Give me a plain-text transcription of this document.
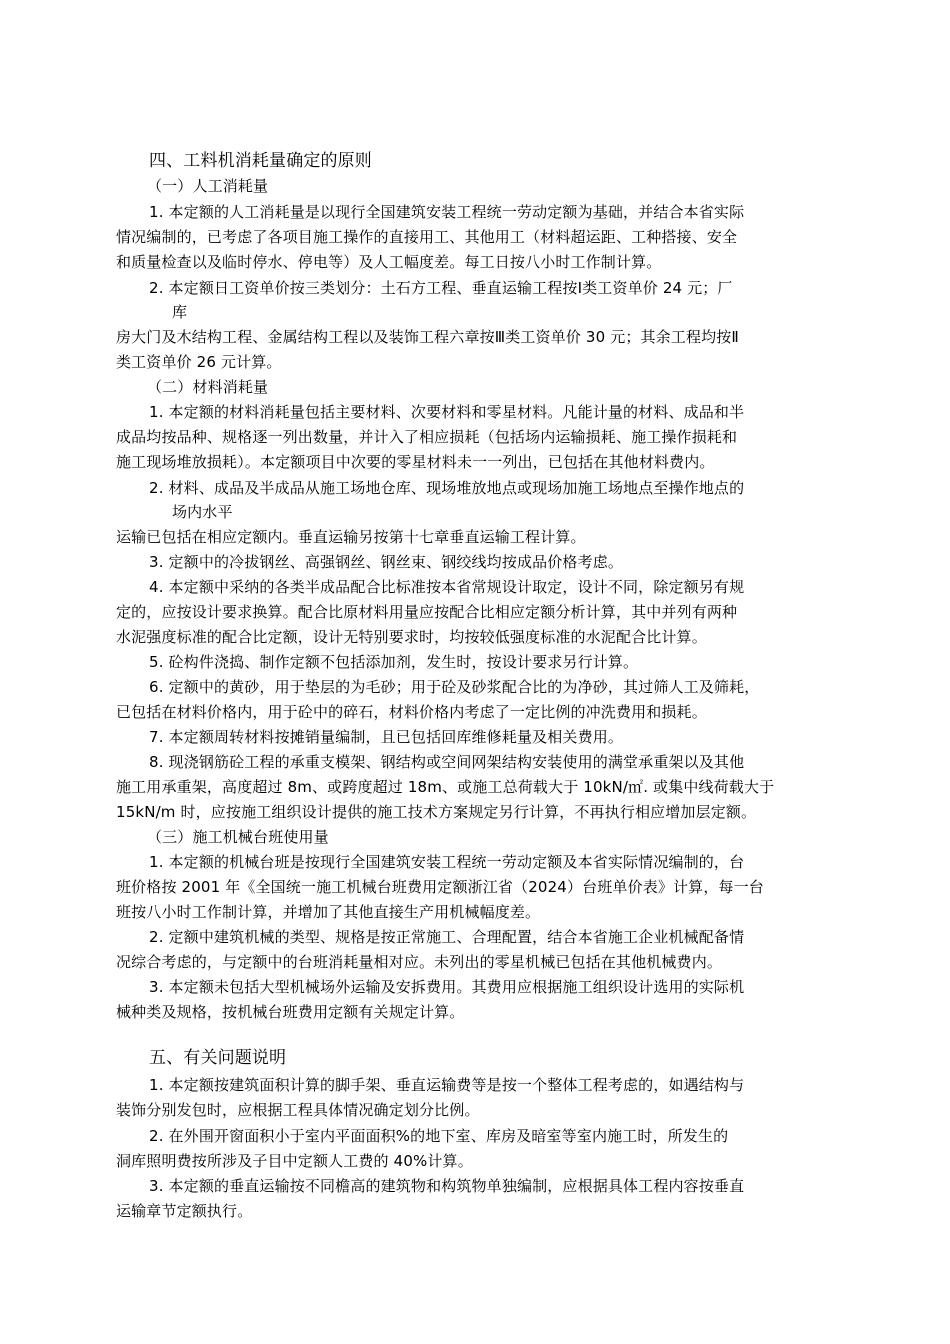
四、工料机消耗量确定的原则
（一）人工消耗量
1. 本定额的人工消耗量是以现行全国建筑安装工程统一劳动定额为基础，并结合本省实际
情况编制的，已考虑了各项目施工操作的直接用工、其他用工（材料超运距、工种搭接、安全
和质量检查以及临时停水、停电等）及人工幅度差。每工日按八小时工作制计算。
2. 本定额日工资单价按三类划分：土石方工程、垂直运输工程按Ⅰ类工资单价 24 元；厂
库
房大门及木结构工程、金属结构工程以及装饰工程六章按Ⅲ类工资单价 30 元；其余工程均按Ⅱ
类工资单价 26 元计算。
（二）材料消耗量
1. 本定额的材料消耗量包括主要材料、次要材料和零星材料。凡能计量的材料、成品和半
成品均按品种、规格逐一列出数量，并计入了相应损耗（包括场内运输损耗、施工操作损耗和
施工现场堆放损耗）。本定额项目中次要的零星材料未一一列出，已包括在其他材料费内。
2. 材料、成品及半成品从施工场地仓库、现场堆放地点或现场加施工场地点至操作地点的
场内水平
运输已包括在相应定额内。垂直运输另按第十七章垂直运输工程计算。
3. 定额中的冷拔钢丝、高强钢丝、钢丝束、钢绞线均按成品价格考虑。
4. 本定额中采纳的各类半成品配合比标准按本省常规设计取定，设计不同，除定额另有规
定的，应按设计要求换算。配合比原材料用量应按配合比相应定额分析计算，其中并列有两种
水泥强度标准的配合比定额，设计无特别要求时，均按较低强度标准的水泥配合比计算。
5. 砼构件浇捣、制作定额不包括添加剂，发生时，按设计要求另行计算。
6. 定额中的黄砂，用于垫层的为毛砂；用于砼及砂浆配合比的为净砂，其过筛人工及筛耗，
已包括在材料价格内，用于砼中的碎石，材料价格内考虑了一定比例的冲洗费用和损耗。
7. 本定额周转材料按摊销量编制，且已包括回库维修耗量及相关费用。
8. 现浇钢筋砼工程的承重支模架、钢结构或空间网架结构安装使用的满堂承重架以及其他
施工用承重架，高度超过 8m、或跨度超过 18m、或施工总荷载大于 10kN/㎡. 或集中线荷载大于
15kN/m 时，应按施工组织设计提供的施工技术方案规定另行计算，不再执行相应增加层定额。
（三）施工机械台班使用量
1. 本定额的机械台班是按现行全国建筑安装工程统一劳动定额及本省实际情况编制的，台
班价格按 2001 年《全国统一施工机械台班费用定额浙江省（2024）台班单价表》计算，每一台
班按八小时工作制计算，并增加了其他直接生产用机械幅度差。
2. 定额中建筑机械的类型、规格是按正常施工、合理配置，结合本省施工企业机械配备情
况综合考虑的，与定额中的台班消耗量相对应。未列出的零星机械已包括在其他机械费内。
3. 本定额未包括大型机械场外运输及安拆费用。其费用应根据施工组织设计选用的实际机
械种类及规格，按机械台班费用定额有关规定计算。
五、有关问题说明
1. 本定额按建筑面积计算的脚手架、垂直运输费等是按一个整体工程考虑的，如遇结构与
装饰分别发包时，应根据工程具体情况确定划分比例。
2. 在外围开窗面积小于室内平面面积%的地下室、库房及暗室等室内施工时，所发生的
洞库照明费按所涉及子目中定额人工费的 40%计算。
3. 本定额的垂直运输按不同檐高的建筑物和构筑物单独编制，应根据具体工程内容按垂直
运输章节定额执行。
